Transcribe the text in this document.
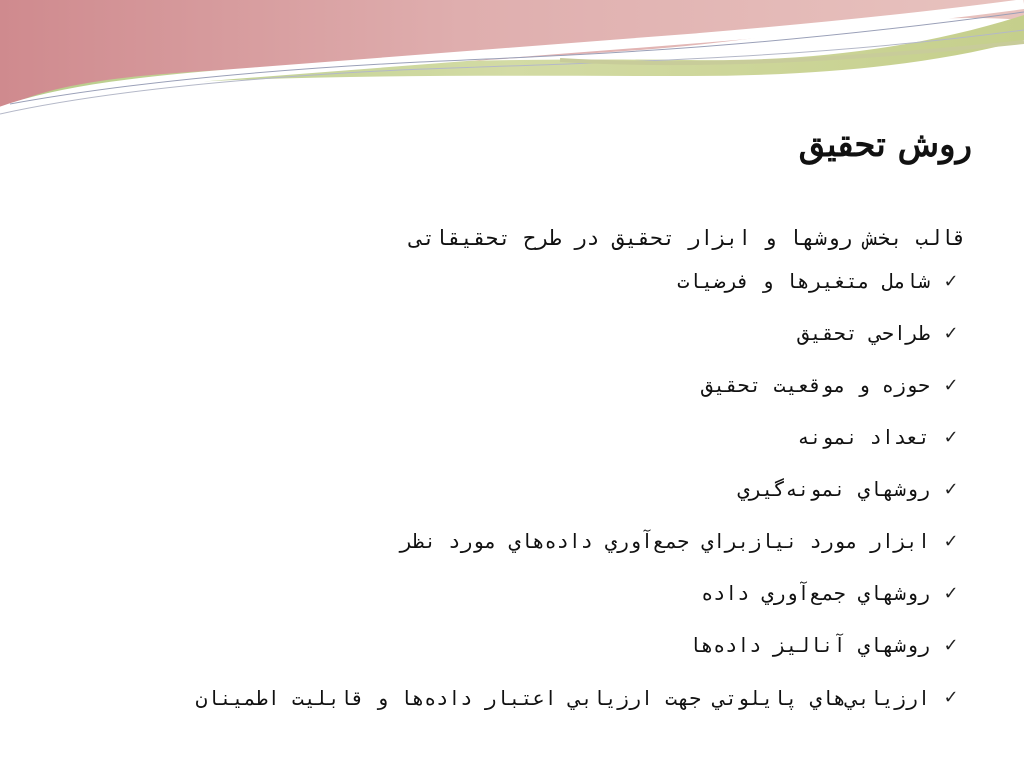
روش تحقیق
قالب بخش روشها و ابزار تحقیق در طرح تحقیقاتی
✓
شامل متغیرها و فرضیات
✓
طراحي تحقیق
✓
حوزه و موقعیت تحقیق
✓
تعداد نمونه
✓
روشهاي نمونه‌گیري
✓
ابزار مورد نیازبراي جمع‌آوري داده‌هاي مورد نظر
✓
روشهاي جمع‌آوري داده
✓
روشهاي آنالیز داده‌ها
✓
ارزيابي‌هاي پايلوتي جهت ارزيابي اعتبار داده‌ها و قابليت اطمينان
